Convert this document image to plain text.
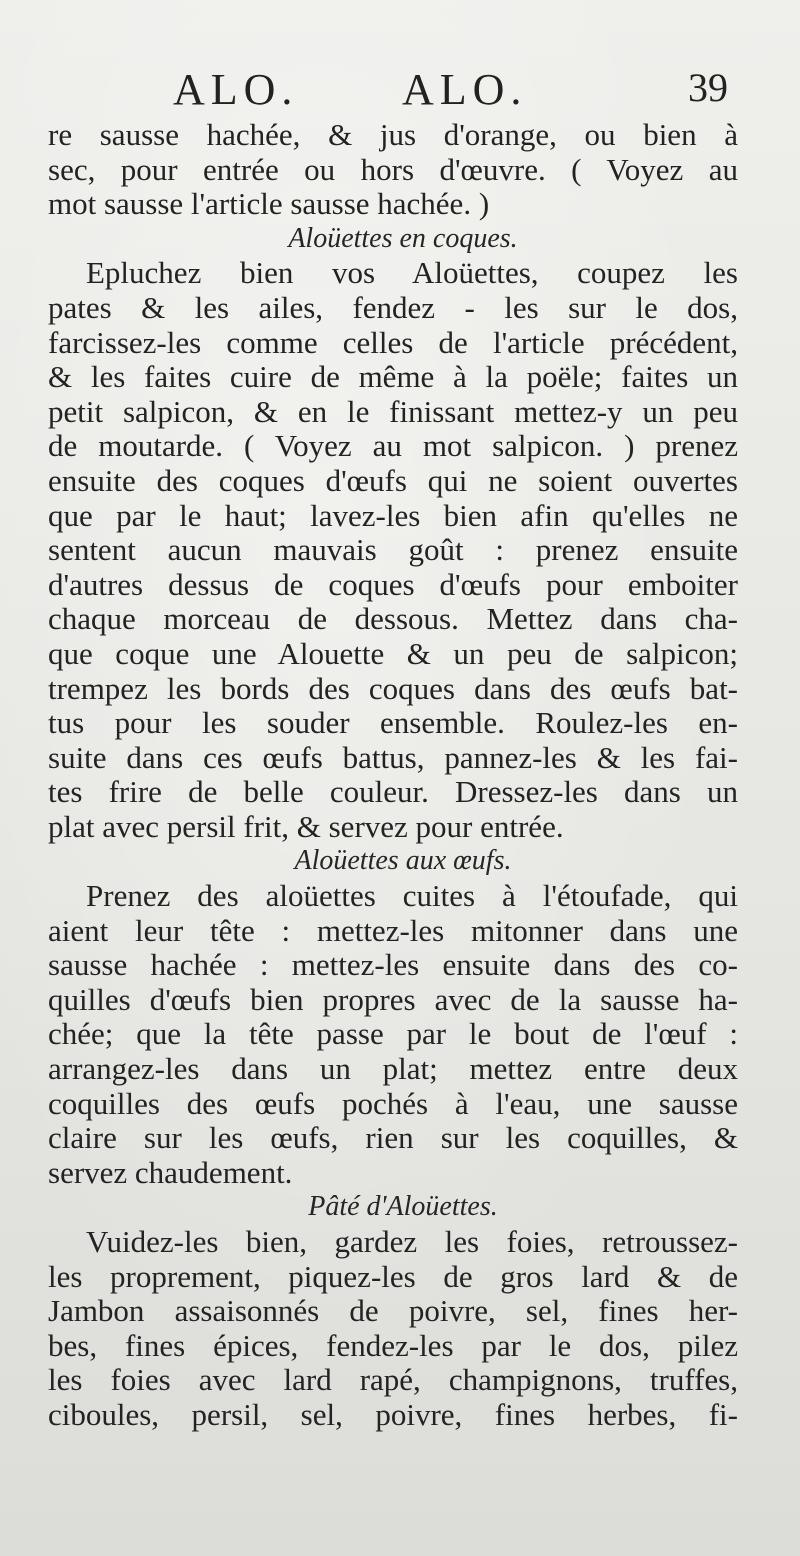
ALO. ALO.	39
re sausse hachée, & jus d'orange, ou bien à
sec, pour entrée ou hors d'œuvre. ( Voyez au
mot sausse l'article sausse hachée. )
Aloüettes en coques.
Epluchez bien vos Aloüettes, coupez les
pates & les ailes, fendez - les sur le dos,
farcissez-les comme celles de l'article précédent,
& les faites cuire de même à la poële; faites un
petit salpicon, & en le finissant mettez-y un peu
de moutarde. ( Voyez au mot salpicon. ) prenez
ensuite des coques d'œufs qui ne soient ouvertes
que par le haut; lavez-les bien afin qu'elles ne
sentent aucun mauvais goût : prenez ensuite
d'autres dessus de coques d'œufs pour emboiter
chaque morceau de dessous. Mettez dans cha-
que coque une Alouette & un peu de salpicon;
trempez les bords des coques dans des œufs bat-
tus pour les souder ensemble. Roulez-les en-
suite dans ces œufs battus, pannez-les & les fai-
tes frire de belle couleur. Dressez-les dans un
plat avec persil frit, & servez pour entrée.
Aloüettes aux œufs.
Prenez des aloüettes cuites à l'étoufade, qui
aient leur tête : mettez-les mitonner dans une
sausse hachée : mettez-les ensuite dans des co-
quilles d'œufs bien propres avec de la sausse ha-
chée; que la tête passe par le bout de l'œuf :
arrangez-les dans un plat; mettez entre deux
coquilles des œufs pochés à l'eau, une sausse
claire sur les œufs, rien sur les coquilles, &
servez chaudement.
Pâté d'Aloüettes.
Vuidez-les bien, gardez les foies, retroussez-
les proprement, piquez-les de gros lard & de
Jambon assaisonnés de poivre, sel, fines her-
bes, fines épices, fendez-les par le dos, pilez
les foies avec lard rapé, champignons, truffes,
ciboules, persil, sel, poivre, fines herbes, fi-
